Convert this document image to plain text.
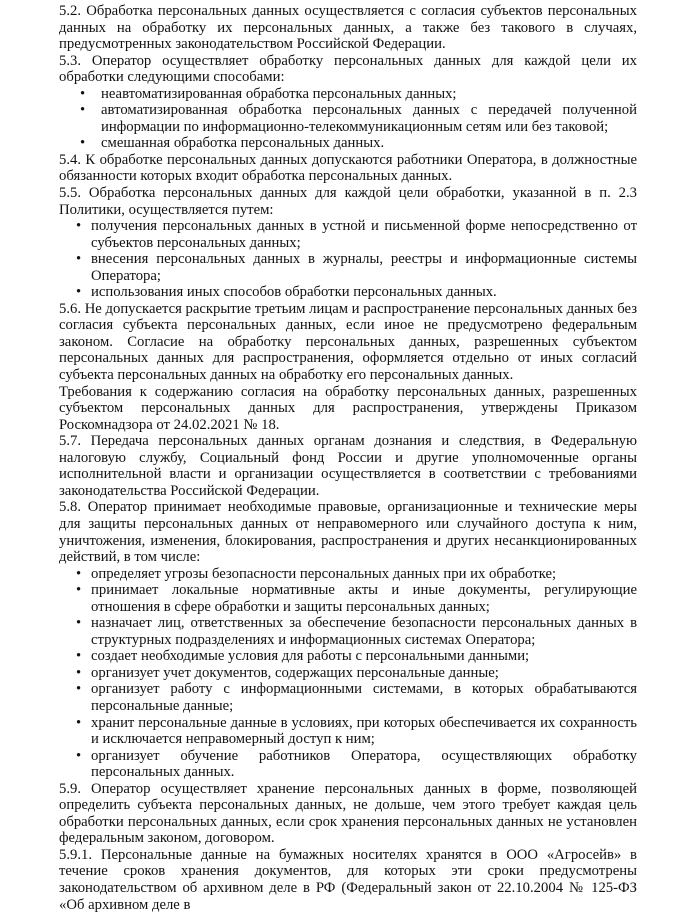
5.2. Обработка персональных данных осуществляется с согласия субъектов персональных данных на обработку их персональных данных, а также без такового в случаях, предусмотренных законодательством Российской Федерации.

5.3. Оператор осуществляет обработку персональных данных для каждой цели их обработки следующими способами:

• неавтоматизированная обработка персональных данных;
• автоматизированная обработка персональных данных с передачей полученной информации по информационно-телекоммуникационным сетям или без таковой;
• смешанная обработка персональных данных.

5.4. К обработке персональных данных допускаются работники Оператора, в должностные обязанности которых входит обработка персональных данных.

5.5. Обработка персональных данных для каждой цели обработки, указанной в п. 2.3 Политики, осуществляется путем:

• получения персональных данных в устной и письменной форме непосредственно от субъектов персональных данных;
• внесения персональных данных в журналы, реестры и информационные системы Оператора;
• использования иных способов обработки персональных данных.

5.6. Не допускается раскрытие третьим лицам и распространение персональных данных без согласия субъекта персональных данных, если иное не предусмотрено федеральным законом. Согласие на обработку персональных данных, разрешенных субъектом персональных данных для распространения, оформляется отдельно от иных согласий субъекта персональных данных на обработку его персональных данных.

Требования к содержанию согласия на обработку персональных данных, разрешенных субъектом персональных данных для распространения, утверждены Приказом Роскомнадзора от 24.02.2021 № 18.

5.7. Передача персональных данных органам дознания и следствия, в Федеральную налоговую службу, Социальный фонд России и другие уполномоченные органы исполнительной власти и организации осуществляется в соответствии с требованиями законодательства Российской Федерации.

5.8. Оператор принимает необходимые правовые, организационные и технические меры для защиты персональных данных от неправомерного или случайного доступа к ним, уничтожения, изменения, блокирования, распространения и других несанкционированных действий, в том числе:

• определяет угрозы безопасности персональных данных при их обработке;
• принимает локальные нормативные акты и иные документы, регулирующие отношения в сфере обработки и защиты персональных данных;
• назначает лиц, ответственных за обеспечение безопасности персональных данных в структурных подразделениях и информационных системах Оператора;
• создает необходимые условия для работы с персональными данными;
• организует учет документов, содержащих персональные данные;
• организует работу с информационными системами, в которых обрабатываются персональные данные;
• хранит персональные данные в условиях, при которых обеспечивается их сохранность и исключается неправомерный доступ к ним;
• организует обучение работников Оператора, осуществляющих обработку персональных данных.

5.9. Оператор осуществляет хранение персональных данных в форме, позволяющей определить субъекта персональных данных, не дольше, чем этого требует каждая цель обработки персональных данных, если срок хранения персональных данных не установлен федеральным законом, договором.

5.9.1. Персональные данные на бумажных носителях хранятся в ООО «Агросейв» в течение сроков хранения документов, для которых эти сроки предусмотрены законодательством об архивном деле в РФ (Федеральный закон от 22.10.2004 № 125-ФЗ «Об архивном деле в
